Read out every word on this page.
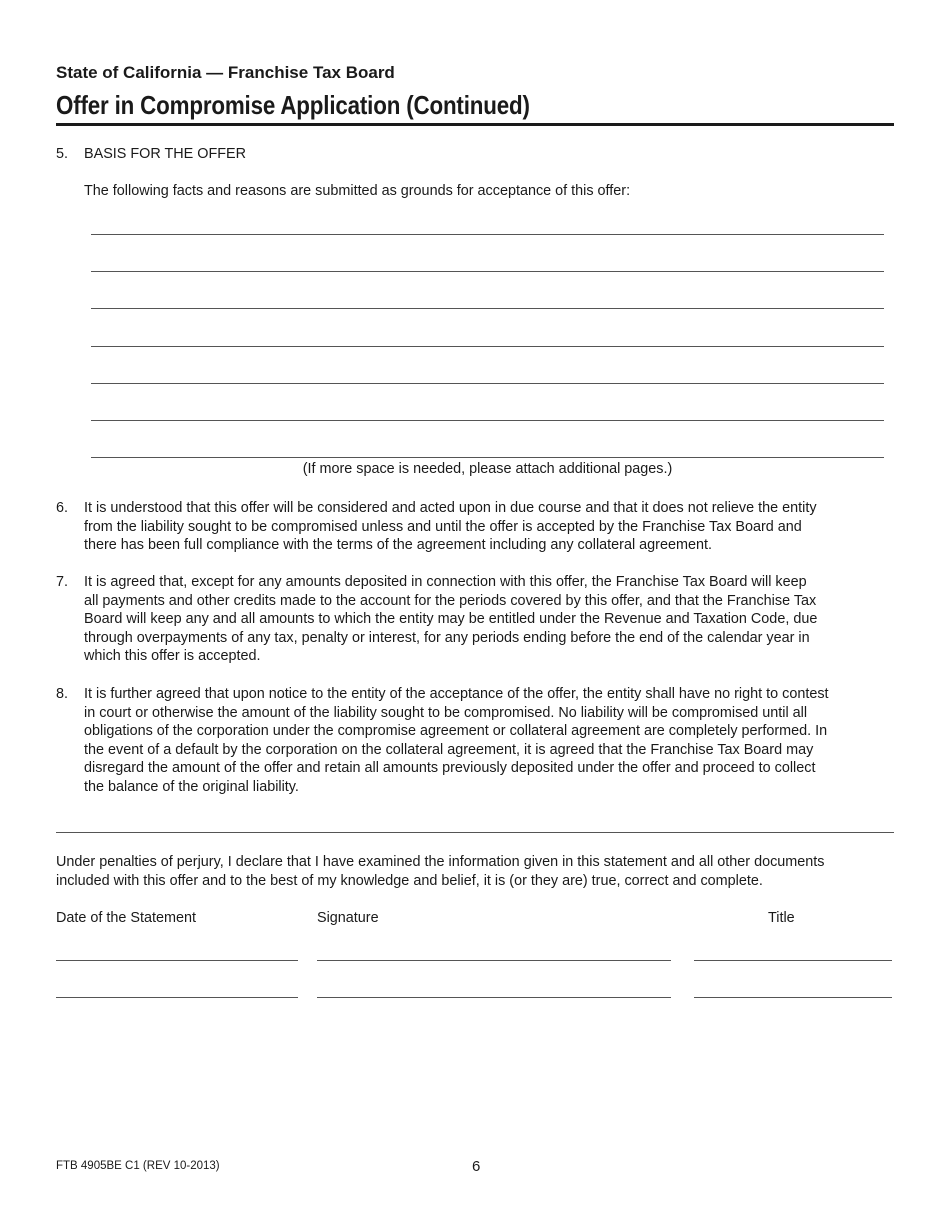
State of California — Franchise Tax Board
Offer in Compromise Application (Continued)
5. BASIS FOR THE OFFER
The following facts and reasons are submitted as grounds for acceptance of this offer:
(If more space is needed, please attach additional pages.)
6. It is understood that this offer will be considered and acted upon in due course and that it does not relieve the entity
from the liability sought to be compromised unless and until the offer is accepted by the Franchise Tax Board and
there has been full compliance with the terms of the agreement including any collateral agreement.
7. It is agreed that, except for any amounts deposited in connection with this offer, the Franchise Tax Board will keep
all payments and other credits made to the account for the periods covered by this offer, and that the Franchise Tax
Board will keep any and all amounts to which the entity may be entitled under the Revenue and Taxation Code, due
through overpayments of any tax, penalty or interest, for any periods ending before the end of the calendar year in
which this offer is accepted.
8. It is further agreed that upon notice to the entity of the acceptance of the offer, the entity shall have no right to contest
in court or otherwise the amount of the liability sought to be compromised. No liability will be compromised until all
obligations of the corporation under the compromise agreement or collateral agreement are completely performed. In
the event of a default by the corporation on the collateral agreement, it is agreed that the Franchise Tax Board may
disregard the amount of the offer and retain all amounts previously deposited under the offer and proceed to collect
the balance of the original liability.
Under penalties of perjury, I declare that I have examined the information given in this statement and all other documents
included with this offer and to the best of my knowledge and belief, it is (or they are) true, correct and complete.
Date of the Statement	Signature	Title
FTB 4905BE C1 (REV 10-2013)	6
